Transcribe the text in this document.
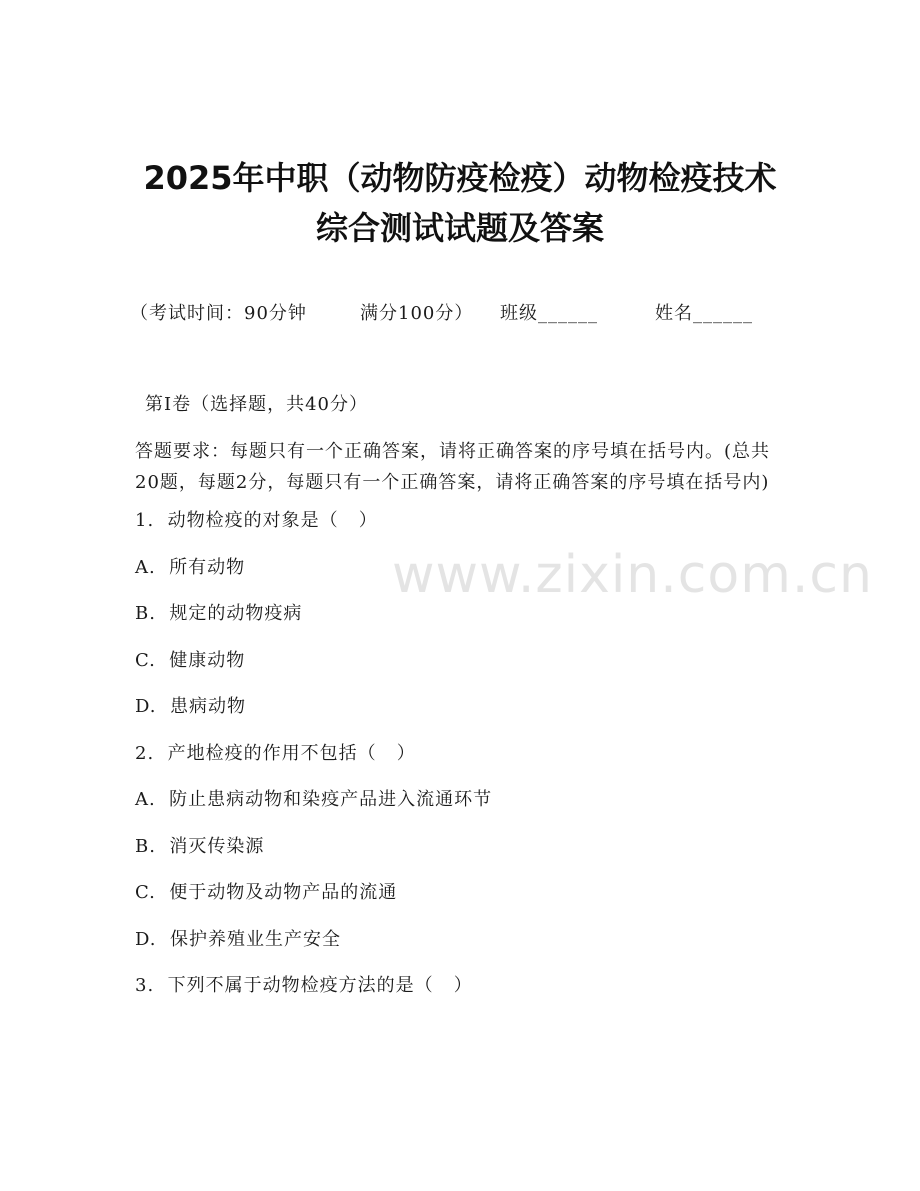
2025年中职（动物防疫检疫）动物检疫技术
综合测试试题及答案
（考试时间：90分钟	满分100分） 班级______	姓名______
www.zixin.com.cn
第Ⅰ卷（选择题，共40分）

答题要求：每题只有一个正确答案，请将正确答案的序号填在括号内。(总共20题，每题2分，每题只有一个正确答案，请将正确答案的序号填在括号内)

1.  动物检疫的对象是（   ）
A.  所有动物
B.  规定的动物疫病
C.  健康动物
D.  患病动物
2.  产地检疫的作用不包括（   ）
A.  防止患病动物和染疫产品进入流通环节
B.  消灭传染源
C.  便于动物及动物产品的流通
D.  保护养殖业生产安全
3.  下列不属于动物检疫方法的是（   ）
